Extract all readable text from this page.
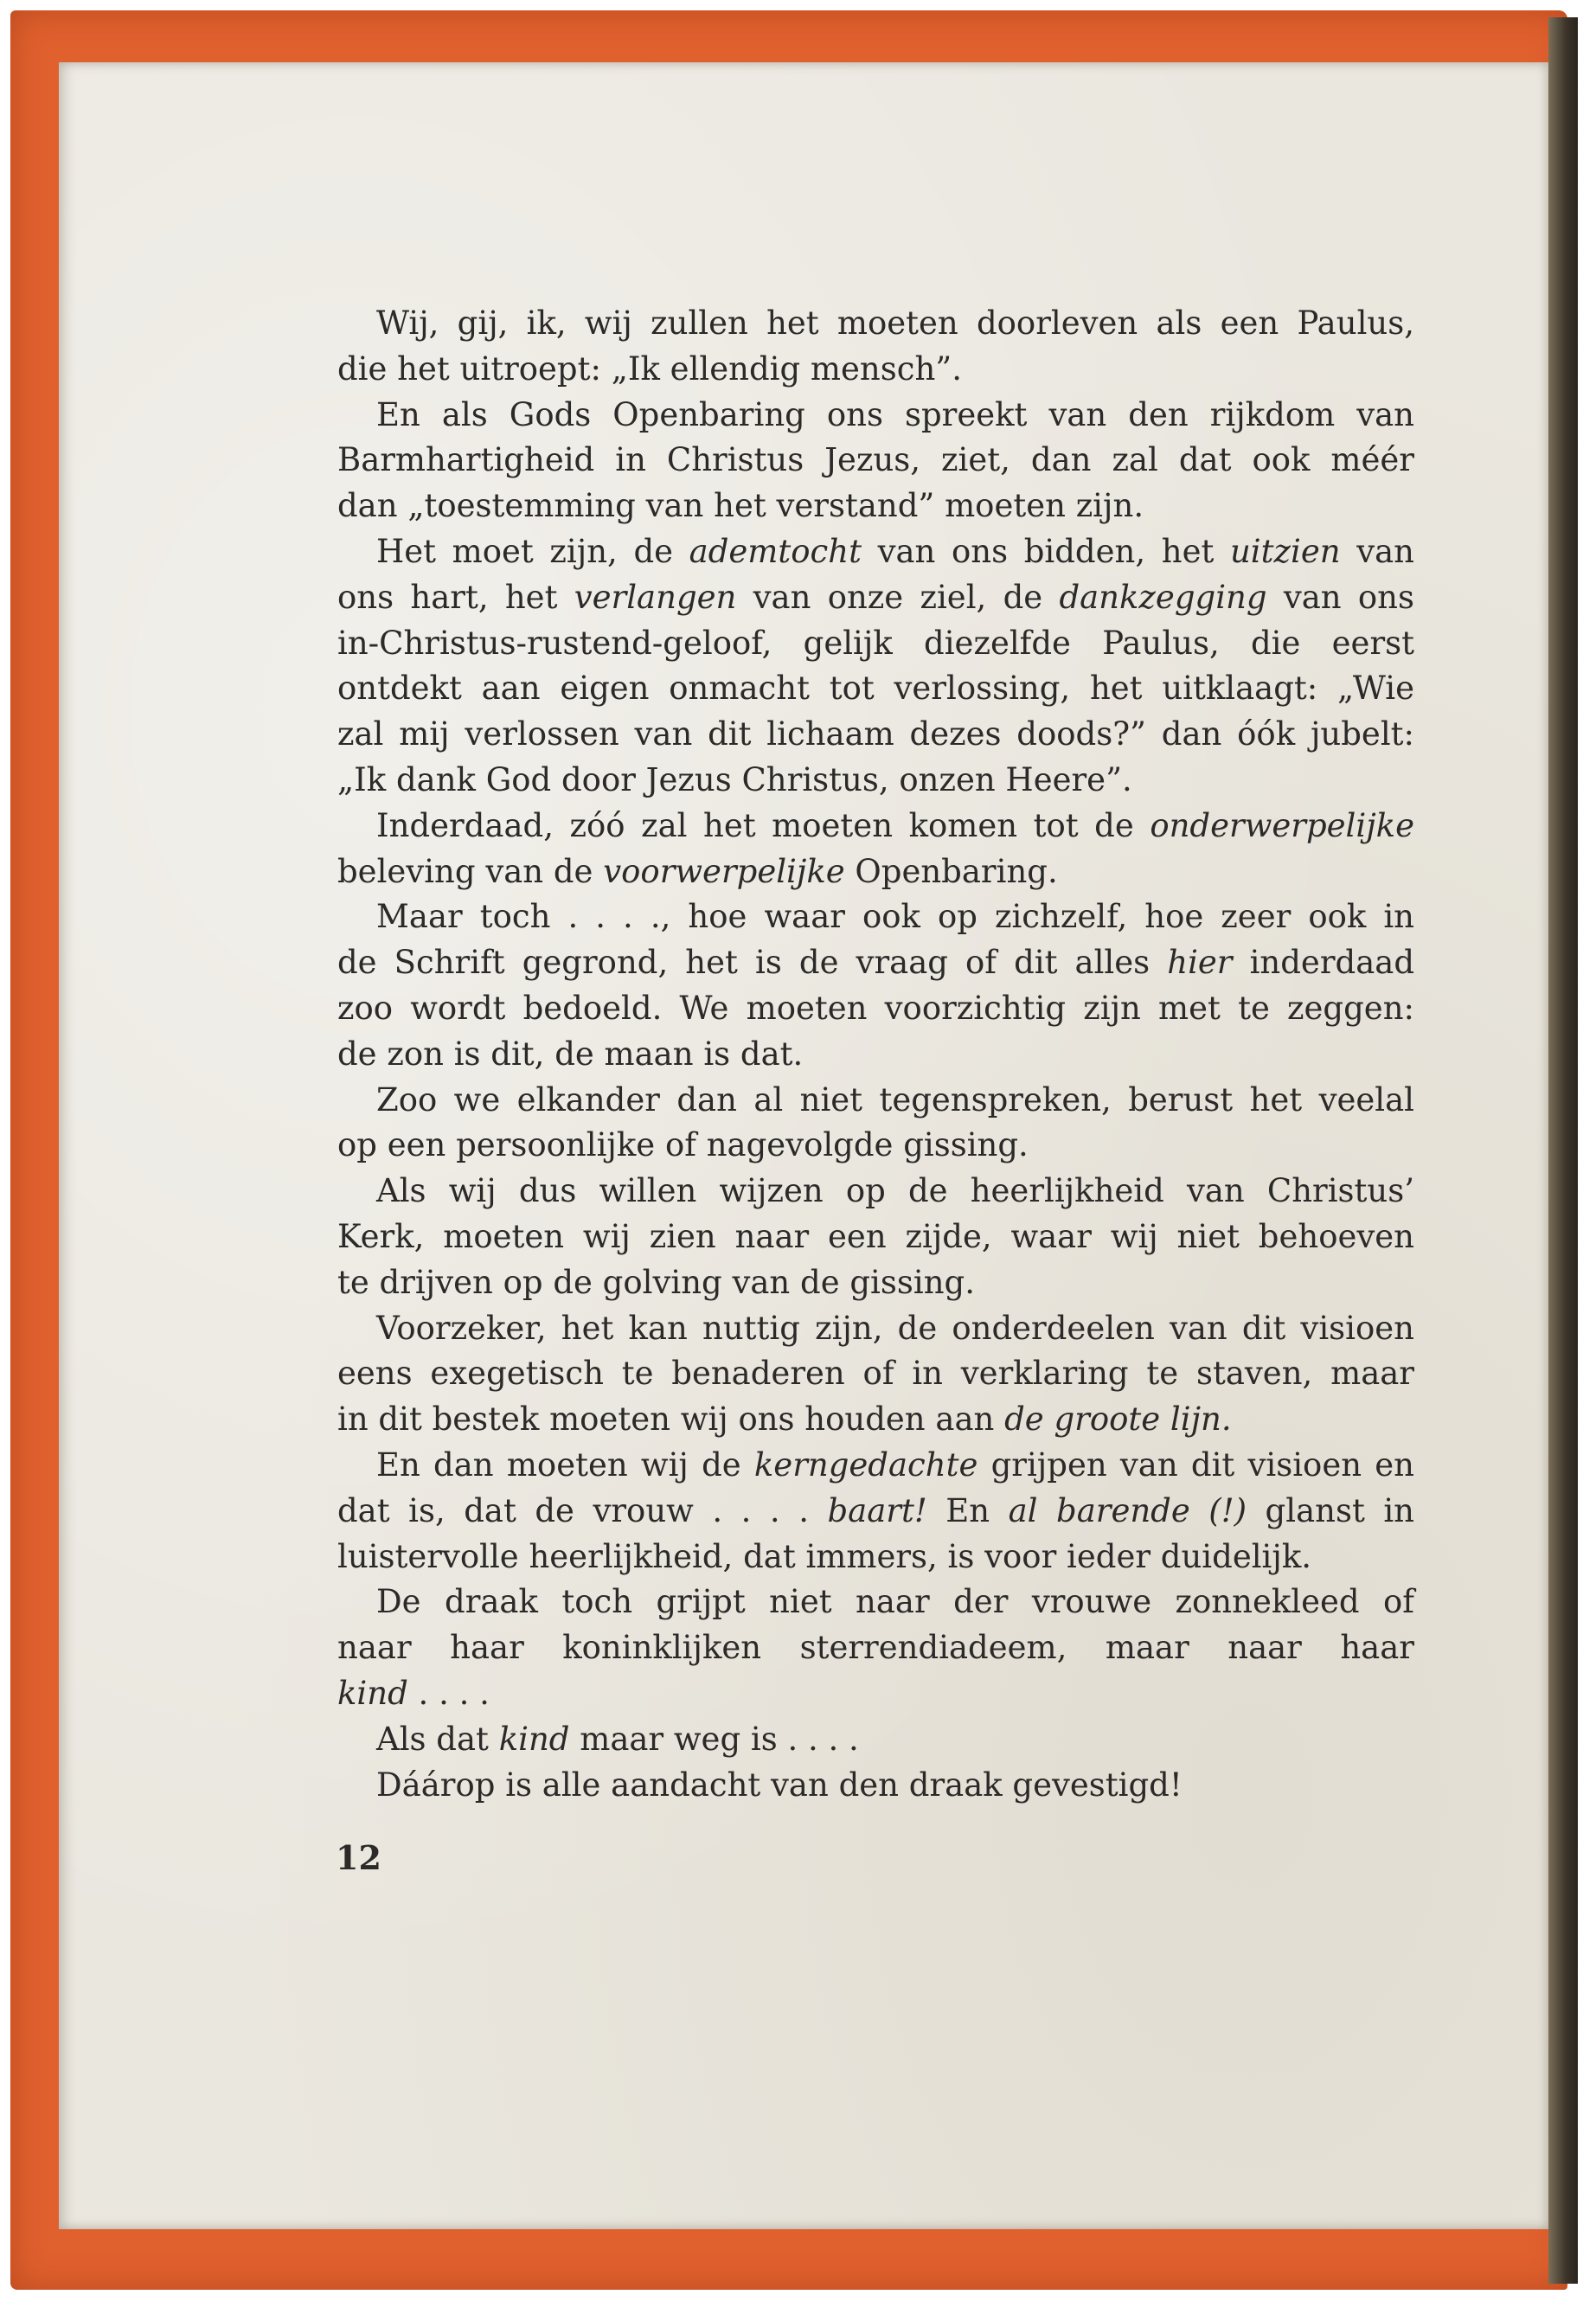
Wij, gij, ik, wij zullen het moeten doorleven als een Paulus,
die het uitroept: „Ik ellendig mensch”.
En als Gods Openbaring ons spreekt van den rijkdom van
Barmhartigheid in Christus Jezus, ziet, dan zal dat ook méér
dan „toestemming van het verstand” moeten zijn.
Het moet zijn, de ademtocht van ons bidden, het uitzien van
ons hart, het verlangen van onze ziel, de dankzegging van ons
in-Christus-rustend-geloof, gelijk diezelfde Paulus, die eerst
ontdekt aan eigen onmacht tot verlossing, het uitklaagt: „Wie
zal mij verlossen van dit lichaam dezes doods?” dan óók jubelt:
„Ik dank God door Jezus Christus, onzen Heere”.
Inderdaad, zóó zal het moeten komen tot de onderwerpelijke
beleving van de voorwerpelijke Openbaring.
Maar toch . . . ., hoe waar ook op zichzelf, hoe zeer ook in
de Schrift gegrond, het is de vraag of dit alles hier inderdaad
zoo wordt bedoeld. We moeten voorzichtig zijn met te zeggen:
de zon is dit, de maan is dat.
Zoo we elkander dan al niet tegenspreken, berust het veelal
op een persoonlijke of nagevolgde gissing.
Als wij dus willen wijzen op de heerlijkheid van Christus’
Kerk, moeten wij zien naar een zijde, waar wij niet behoeven
te drijven op de golving van de gissing.
Voorzeker, het kan nuttig zijn, de onderdeelen van dit visioen
eens exegetisch te benaderen of in verklaring te staven, maar
in dit bestek moeten wij ons houden aan de groote lijn.
En dan moeten wij de kerngedachte grijpen van dit visioen en
dat is, dat de vrouw . . . . baart! En al barende (!) glanst in
luistervolle heerlijkheid, dat immers, is voor ieder duidelijk.
De draak toch grijpt niet naar der vrouwe zonnekleed of
naar haar koninklijken sterrendiadeem, maar naar haar
kind . . . .
Als dat kind maar weg is . . . .
Dáárop is alle aandacht van den draak gevestigd!
12
